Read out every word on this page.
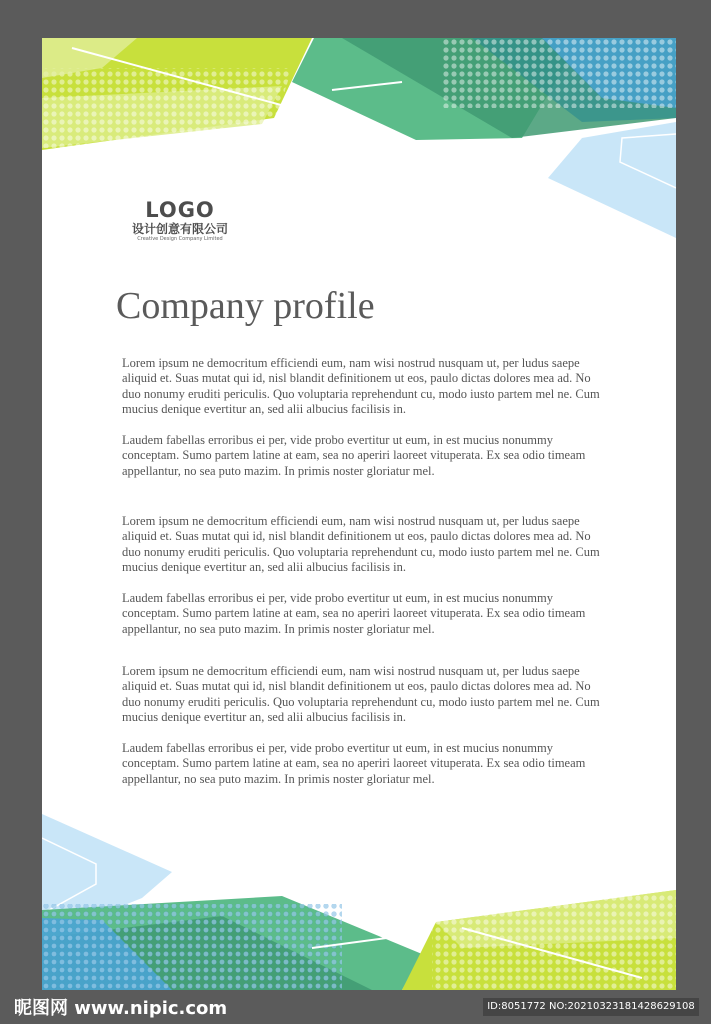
LOGO
设计创意有限公司
Creative Design Company Limited
Company profile

Lorem ipsum ne democritum efficiendi eum, nam wisi nostrud nusquam ut, per ludus saepe aliquid et. Suas mutat qui id, nisl blandit definitionem ut eos, paulo dictas dolores mea ad. No duo nonumy eruditi periculis. Quo voluptaria reprehendunt cu, modo iusto partem mel ne. Cum mucius denique evertitur an, sed alii albucius facilisis in.

Laudem fabellas erroribus ei per, vide probo evertitur ut eum, in est mucius nonummy conceptam. Sumo partem latine at eam, sea no aperiri laoreet vituperata. Ex sea odio timeam appellantur, no sea puto mazim. In primis noster gloriatur mel.

Lorem ipsum ne democritum efficiendi eum, nam wisi nostrud nusquam ut, per ludus saepe aliquid et. Suas mutat qui id, nisl blandit definitionem ut eos, paulo dictas dolores mea ad. No duo nonumy eruditi periculis. Quo voluptaria reprehendunt cu, modo iusto partem mel ne. Cum mucius denique evertitur an, sed alii albucius facilisis in.

Laudem fabellas erroribus ei per, vide probo evertitur ut eum, in est mucius nonummy conceptam. Sumo partem latine at eam, sea no aperiri laoreet vituperata. Ex sea odio timeam appellantur, no sea puto mazim. In primis noster gloriatur mel.

Lorem ipsum ne democritum efficiendi eum, nam wisi nostrud nusquam ut, per ludus saepe aliquid et. Suas mutat qui id, nisl blandit definitionem ut eos, paulo dictas dolores mea ad. No duo nonumy eruditi periculis. Quo voluptaria reprehendunt cu, modo iusto partem mel ne. Cum mucius denique evertitur an, sed alii albucius facilisis in.

Laudem fabellas erroribus ei per, vide probo evertitur ut eum, in est mucius nonummy conceptam. Sumo partem latine at eam, sea no aperiri laoreet vituperata. Ex sea odio timeam appellantur, no sea puto mazim. In primis noster gloriatur mel.

昵图网 www.nipic.com	ID:8051772 NO:20210323181428629108
